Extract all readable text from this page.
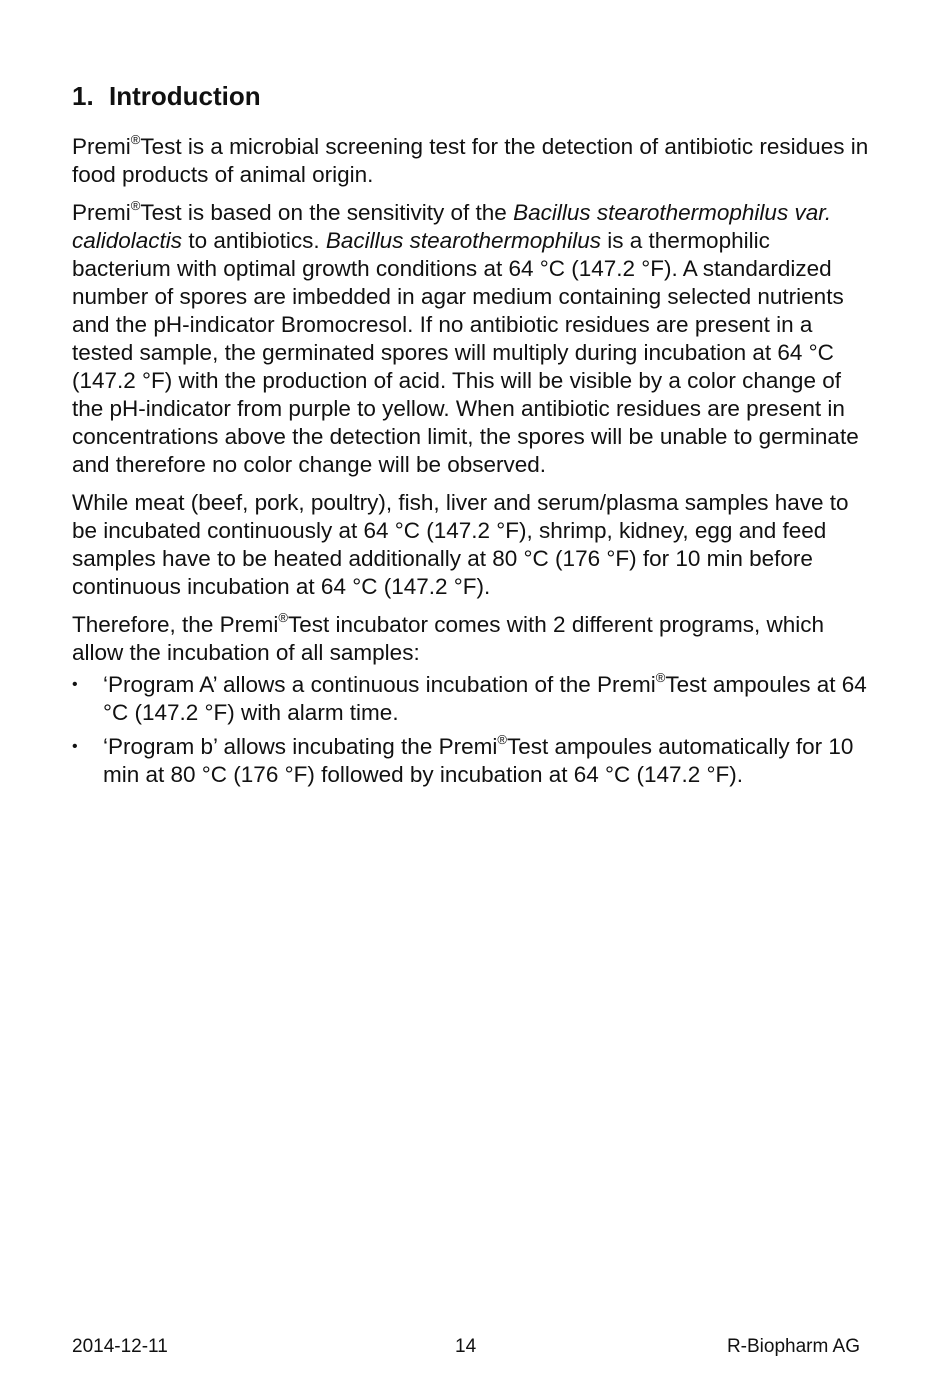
1. Introduction

Premi®Test is a microbial screening test for the detection of antibiotic residues in food products of animal origin.

Premi®Test is based on the sensitivity of the Bacillus stearothermophilus var. calidolactis to antibiotics. Bacillus stearothermophilus is a thermophilic bacterium with optimal growth conditions at 64 °C (147.2 °F). A standardized number of spores are imbedded in agar medium containing selected nutrients and the pH-indicator Bromocresol. If no antibiotic residues are present in a tested sample, the germinated spores will multiply during incubation at 64 °C (147.2 °F) with the production of acid. This will be visible by a color change of the pH-indicator from purple to yellow. When antibiotic residues are present in concentrations above the detection limit, the spores will be unable to germinate and therefore no color change will be observed.

While meat (beef, pork, poultry), fish, liver and serum/plasma samples have to be incubated continuously at 64 °C (147.2 °F), shrimp, kidney, egg and feed samples have to be heated additionally at 80 °C (176 °F) for 10 min before continuous incubation at 64 °C (147.2 °F).

Therefore, the Premi®Test incubator comes with 2 different programs, which allow the incubation of all samples:

• ‘Program A’ allows a continuous incubation of the Premi®Test ampoules at 64 °C (147.2 °F) with alarm time.
• ‘Program b’ allows incubating the Premi®Test ampoules automatically for 10 min at 80 °C (176 °F) followed by incubation at 64 °C (147.2 °F).
2014-12-11	14	R-Biopharm AG
